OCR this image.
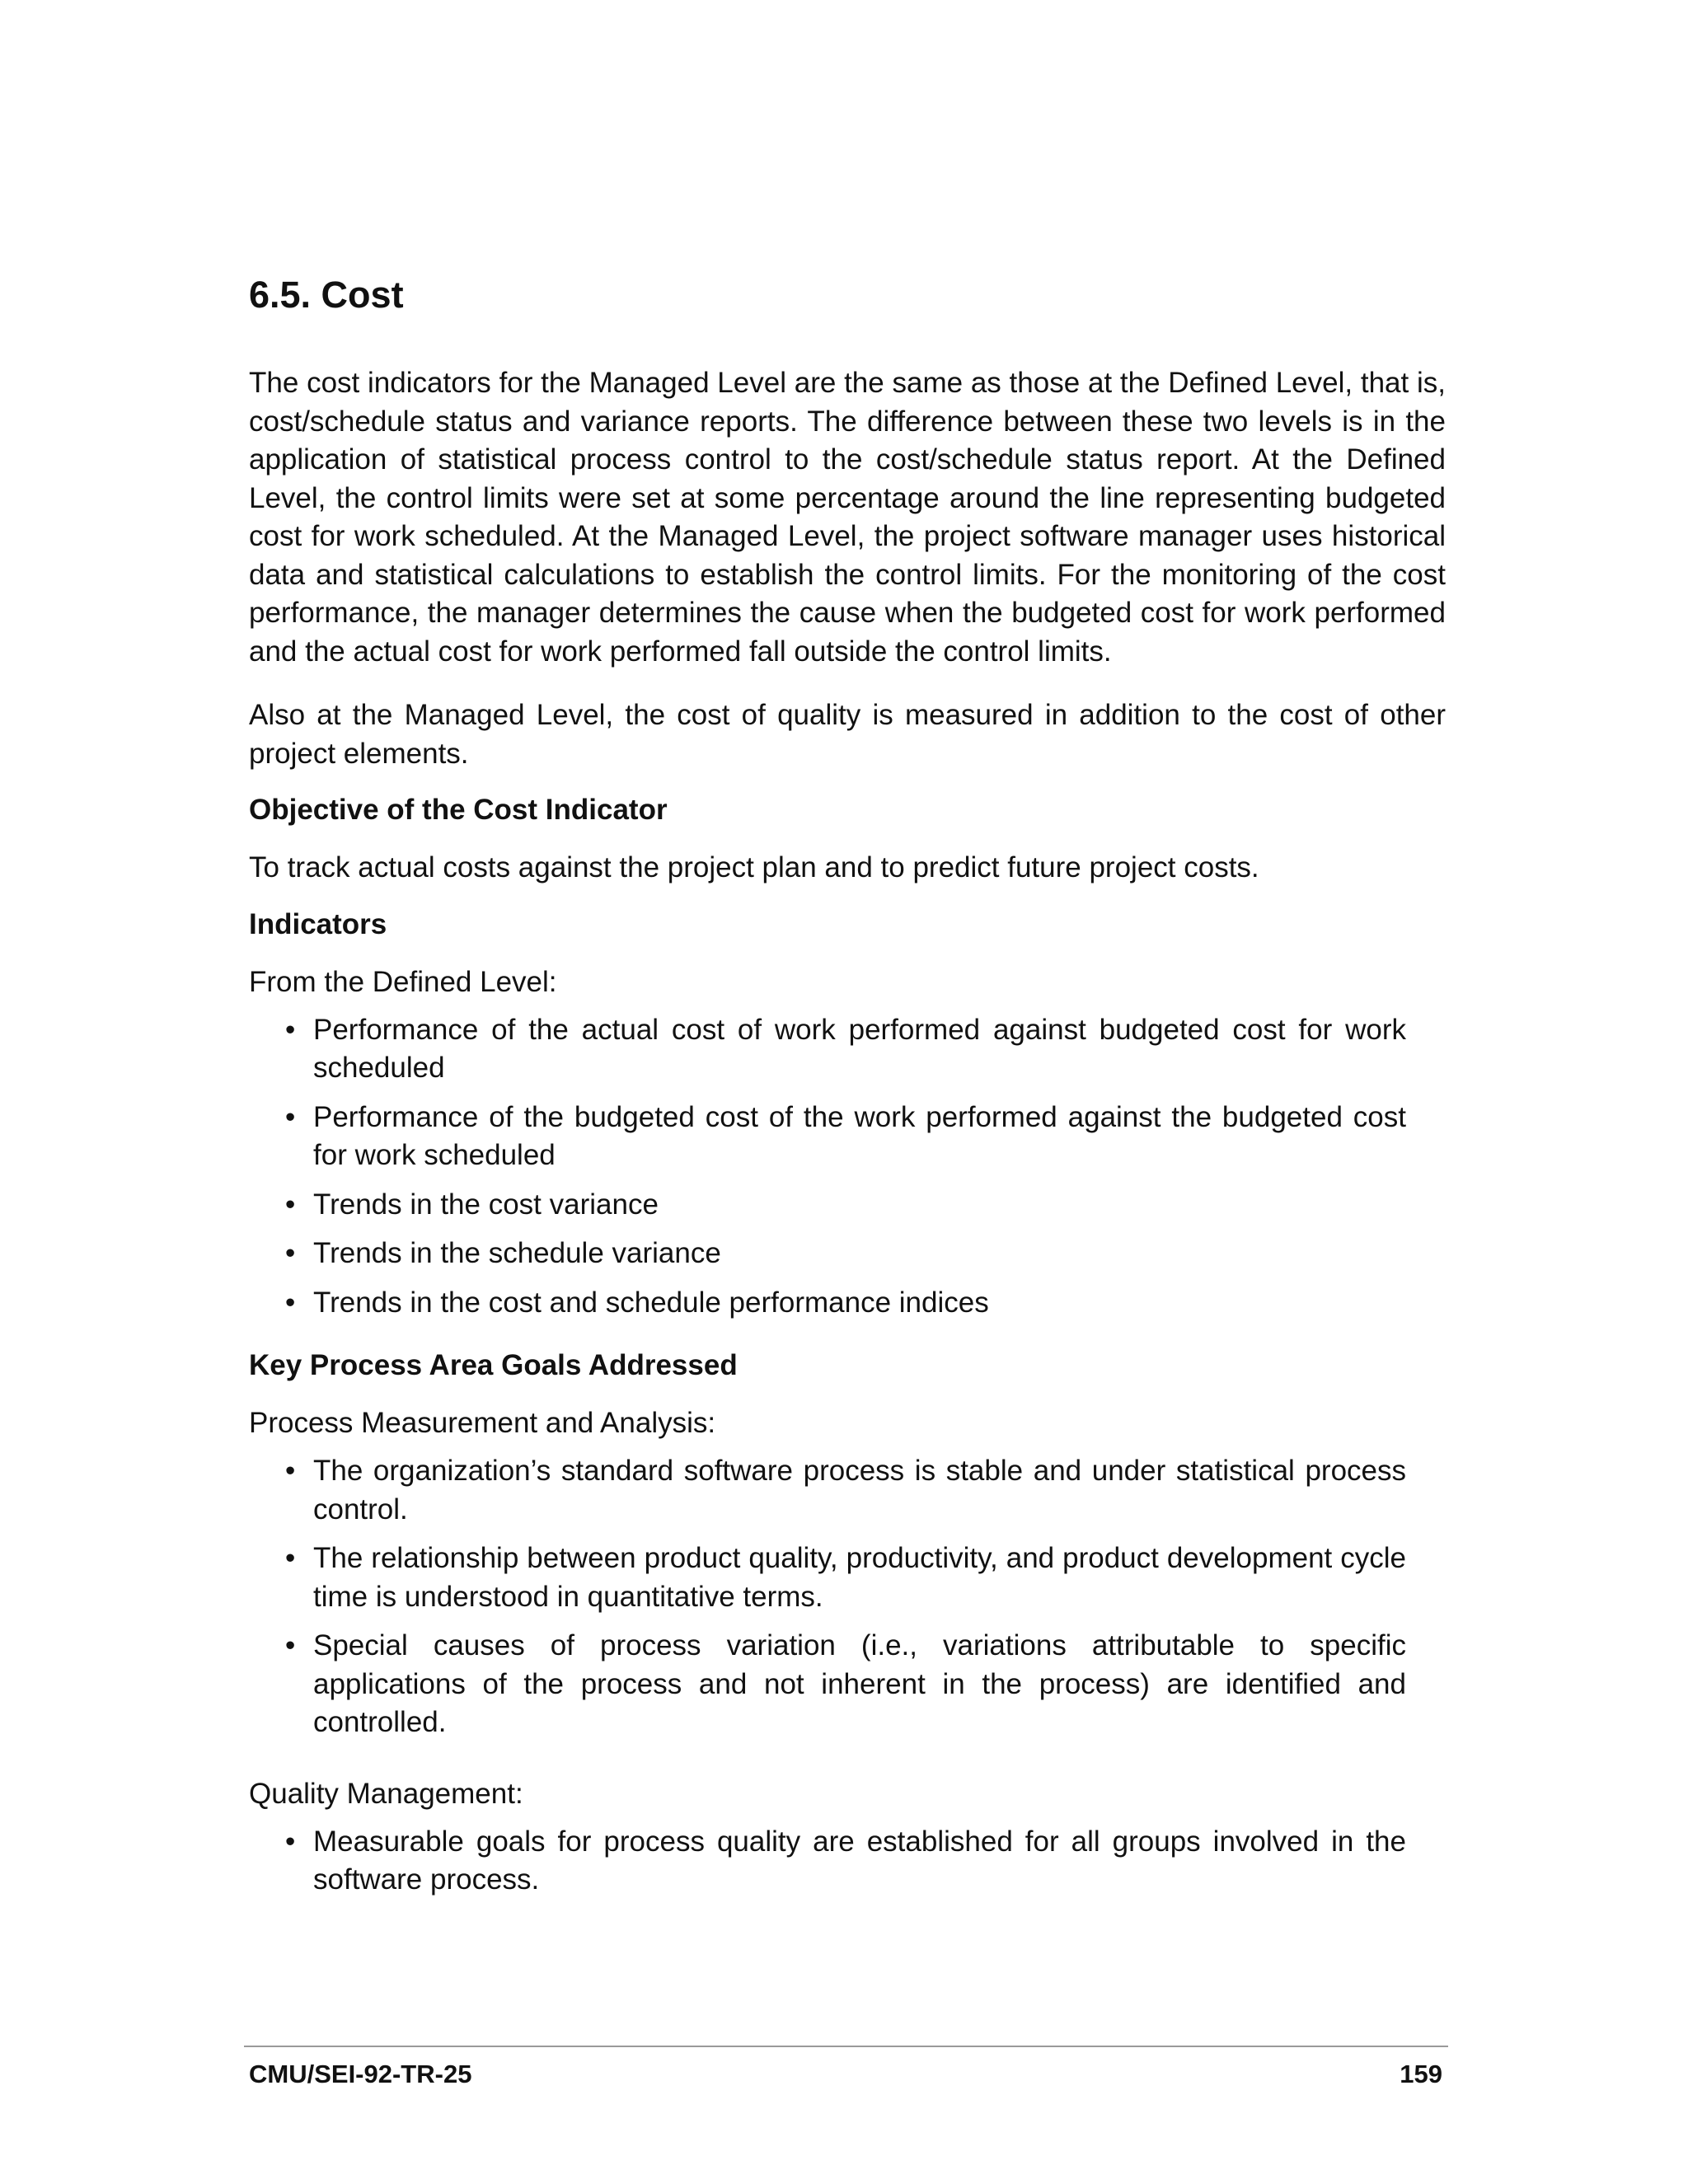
6.5. Cost

The cost indicators for the Managed Level are the same as those at the Defined Level, that is, cost/schedule status and variance reports. The difference between these two levels is in the application of statistical process control to the cost/schedule status report. At the Defined Level, the control limits were set at some percentage around the line representing budgeted cost for work scheduled. At the Managed Level, the project software manager uses historical data and statistical calculations to establish the control limits. For the monitoring of the cost performance, the manager determines the cause when the budgeted cost for work performed and the actual cost for work performed fall outside the control limits.

Also at the Managed Level, the cost of quality is measured in addition to the cost of other project elements.

Objective of the Cost Indicator

To track actual costs against the project plan and to predict future project costs.

Indicators
From the Defined Level:
• Performance of the actual cost of work performed against budgeted cost for work scheduled
• Performance of the budgeted cost of the work performed against the budgeted cost for work scheduled
• Trends in the cost variance
• Trends in the schedule variance
• Trends in the cost and schedule performance indices
Key Process Area Goals Addressed
Process Measurement and Analysis:
• The organization’s standard software process is stable and under statistical process control.
• The relationship between product quality, productivity, and product development cycle time is understood in quantitative terms.
• Special causes of process variation (i.e., variations attributable to specific applications of the process and not inherent in the process) are identified and controlled.
Quality Management:
• Measurable goals for process quality are established for all groups involved in the software process.
CMU/SEI-92-TR-25	159
